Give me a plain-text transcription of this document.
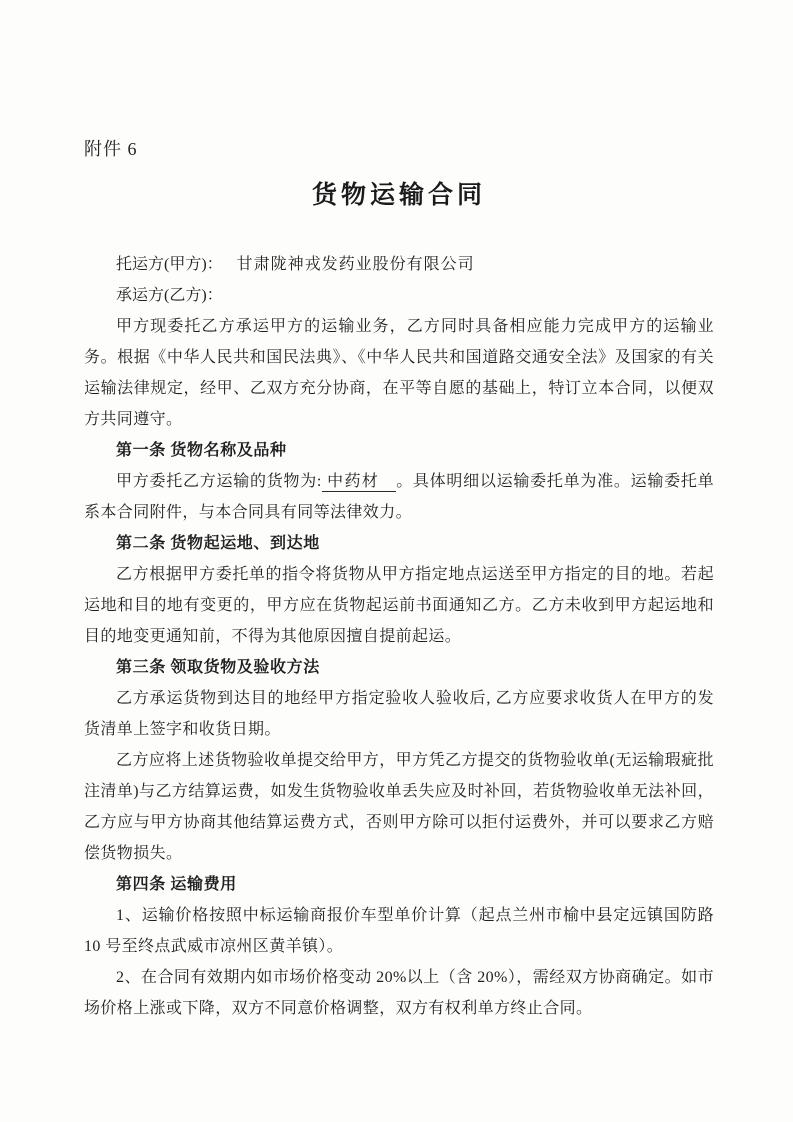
附件 6
货物运输合同
托运方(甲方)： 甘肃陇神戎发药业股份有限公司
承运方(乙方)：

甲方现委托乙方承运甲方的运输业务，乙方同时具备相应能力完成甲方的运输业务。根据《中华人民共和国民法典》、《中华人民共和国道路交通安全法》及国家的有关运输法律规定，经甲、乙双方充分协商，在平等自愿的基础上，特订立本合同，以便双方共同遵守。

第一条 货物名称及品种

甲方委托乙方运输的货物为: 中药材 。具体明细以运输委托单为准。运输委托单系本合同附件，与本合同具有同等法律效力。

第二条 货物起运地、到达地

乙方根据甲方委托单的指令将货物从甲方指定地点运送至甲方指定的目的地。若起运地和目的地有变更的，甲方应在货物起运前书面通知乙方。乙方未收到甲方起运地和目的地变更通知前，不得为其他原因擅自提前起运。

第三条 领取货物及验收方法

乙方承运货物到达目的地经甲方指定验收人验收后, 乙方应要求收货人在甲方的发货清单上签字和收货日期。

乙方应将上述货物验收单提交给甲方，甲方凭乙方提交的货物验收单(无运输瑕疵批注清单)与乙方结算运费，如发生货物验收单丢失应及时补回，若货物验收单无法补回，乙方应与甲方协商其他结算运费方式，否则甲方除可以拒付运费外，并可以要求乙方赔偿货物损失。

第四条 运输费用

1、运输价格按照中标运输商报价车型单价计算（起点兰州市榆中县定远镇国防路10 号至终点武威市凉州区黄羊镇）。

2、在合同有效期内如市场价格变动 20%以上（含 20%），需经双方协商确定。如市场价格上涨或下降，双方不同意价格调整，双方有权利单方终止合同。
